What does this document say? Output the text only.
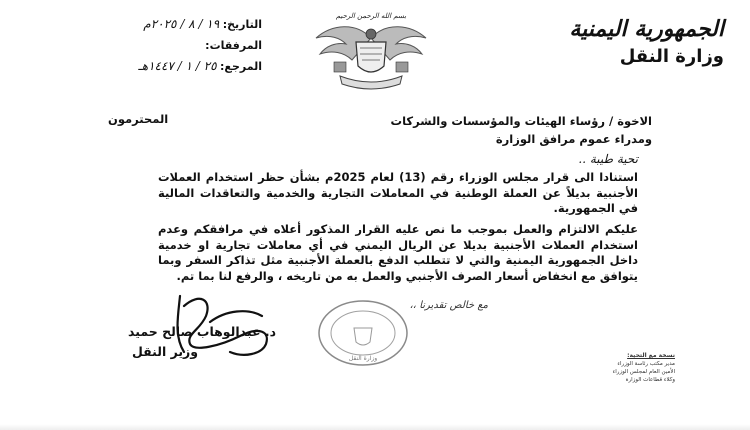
الجمهورية اليمنية
وزارة النقل
بسم الله الرحمن الرحيم
التاريخ: ١٩ / ٨ / ٢٠٢٥م
المرفقات:
المرجع: ٢٥ / ١ / ١٤٤٧هـ
الاخوة / رؤساء الهيئات والمؤسسات والشركات
ومدراء عموم مرافق الوزارة
المحترمون
تحية طيبة ..

استنادا الى قرار مجلس الوزراء رقم (13) لعام 2025م بشأن حظر استخدام العملات الأجنبية بديلاً عن العملة الوطنية في المعاملات التجارية والخدمية والتعاقدات المالية في الجمهورية.

عليكم الالتزام والعمل بموجب ما نص عليه القرار المذكور أعلاه في مرافقكم وعدم استخدام العملات الأجنبية بديلا عن الريال اليمني في أي معاملات تجارية او خدمية داخل الجمهورية اليمنية والتي لا تتطلب الدفع بالعملة الأجنبية مثل تذاكر السفر وبما يتوافق مع انخفاض أسعار الصرف الأجنبي والعمل به من تاريخه ، والرفع لنا بما تم.

مع خالص تقديرنا ،،
وزارة النقل
د. عبدالوهاب صالح حميد
وزير النقل	نسخة مع التحية:
مدير مكتب رئاسة الوزراء
الأمين العام لمجلس الوزراء
وكلاء قطاعات الوزارة
